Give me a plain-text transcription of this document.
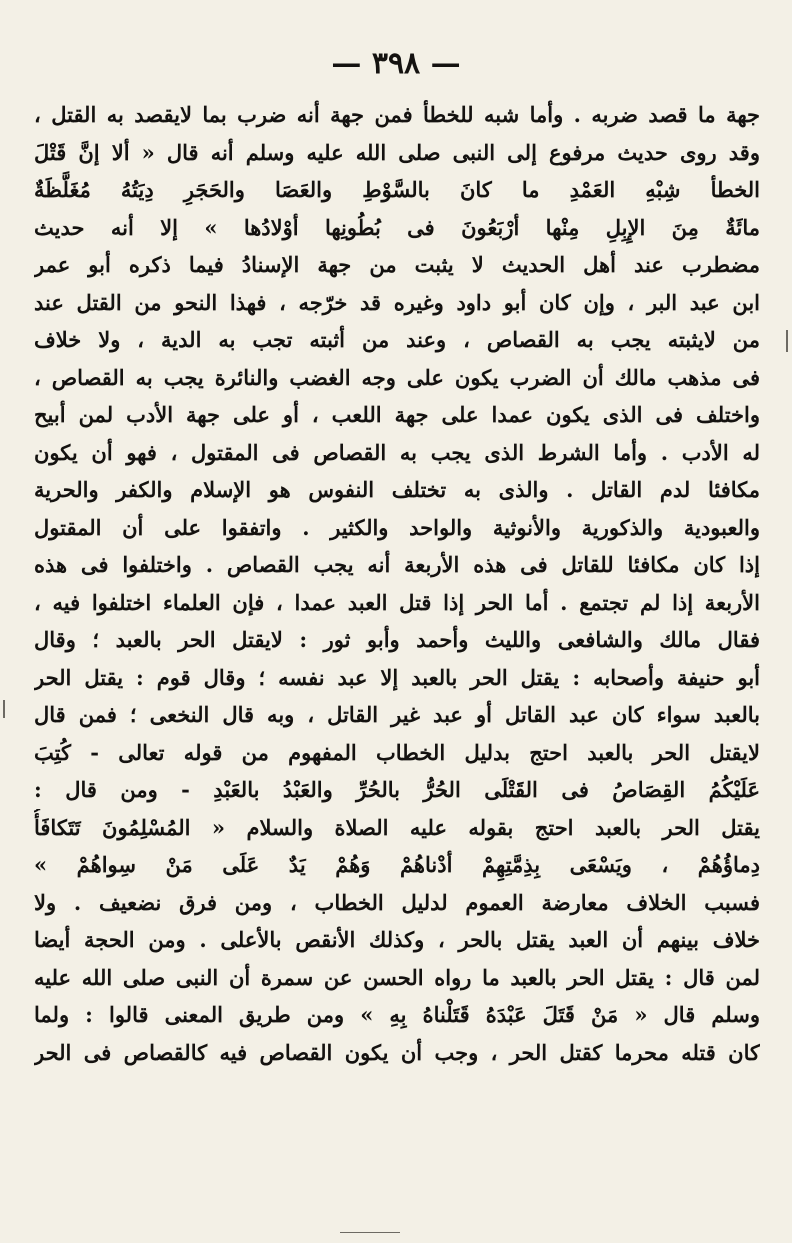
— ٣٩٨ —
جهة ما قصد ضربه . وأما شبه للخطأ فمن جهة أنه ضرب بما لايقصد به القتل ،
وقد روى حديث مرفوع إلى النبى صلى الله عليه وسلم أنه قال « ألا إنَّ قَتْلَ
الخطأ شِبْهِ العَمْدِ ما كانَ بالسَّوْطِ والعَصَا والحَجَرِ دِيَتُهُ مُغَلَّظَةٌ
مائَةٌ مِنَ الإِبِلِ مِنْها أرْبَعُونَ فى بُطُونِها أوْلادُها » إلا أنه حديث
مضطرب عند أهل الحديث لا يثبت من جهة الإسنادُ فيما ذكره أبو عمر
ابن عبد البر ، وإن كان أبو داود وغيره قد خرّجه ، فهذا النحو من القتل عند
من لايثبته يجب به القصاص ، وعند من أثبته تجب به الدية ، ولا خلاف
فى مذهب مالك أن الضرب يكون على وجه الغضب والنائرة يجب به القصاص ،
واختلف فى الذى يكون عمدا على جهة اللعب ، أو على جهة الأدب لمن أبيح
له الأدب . وأما الشرط الذى يجب به القصاص فى المقتول ، فهو أن يكون
مكافئا لدم القاتل . والذى به تختلف النفوس هو الإسلام والكفر والحرية
والعبودية والذكورية والأنوثية والواحد والكثير . واتفقوا على أن المقتول
إذا كان مكافئا للقاتل فى هذه الأربعة أنه يجب القصاص . واختلفوا فى هذه
الأربعة إذا لم تجتمع . أما الحر إذا قتل العبد عمدا ، فإن العلماء اختلفوا فيه ،
فقال مالك والشافعى والليث وأحمد وأبو ثور : لايقتل الحر بالعبد ؛ وقال
أبو حنيفة وأصحابه : يقتل الحر بالعبد إلا عبد نفسه ؛ وقال قوم : يقتل الحر
بالعبد سواء كان عبد القاتل أو عبد غير القاتل ، وبه قال النخعى ؛ فمن قال
لايقتل الحر بالعبد احتج بدليل الخطاب المفهوم من قوله تعالى - كُتِبَ
عَلَيْكُمُ القِصَاصُ فى القَتْلَى الحُرُّ بالحُرِّ والعَبْدُ بالعَبْدِ - ومن قال :
يقتل الحر بالعبد احتج بقوله عليه الصلاة والسلام « المُسْلِمُونَ تَتَكافَأُ
دِماؤُهُمْ ، ويَسْعَى بِذِمَّتِهِمْ أدْناهُمْ وَهُمْ يَدٌ عَلَى مَنْ سِواهُمْ »
فسبب الخلاف معارضة العموم لدليل الخطاب ، ومن فرق نضعيف . ولا
خلاف بينهم أن العبد يقتل بالحر ، وكذلك الأنقص بالأعلى . ومن الحجة أيضا
لمن قال : يقتل الحر بالعبد ما رواه الحسن عن سمرة أن النبى صلى الله عليه
وسلم قال « مَنْ قَتَلَ عَبْدَهُ قَتَلْناهُ بِهِ » ومن طريق المعنى قالوا : ولما
كان قتله محرما كقتل الحر ، وجب أن يكون القصاص فيه كالقصاص فى الحر
